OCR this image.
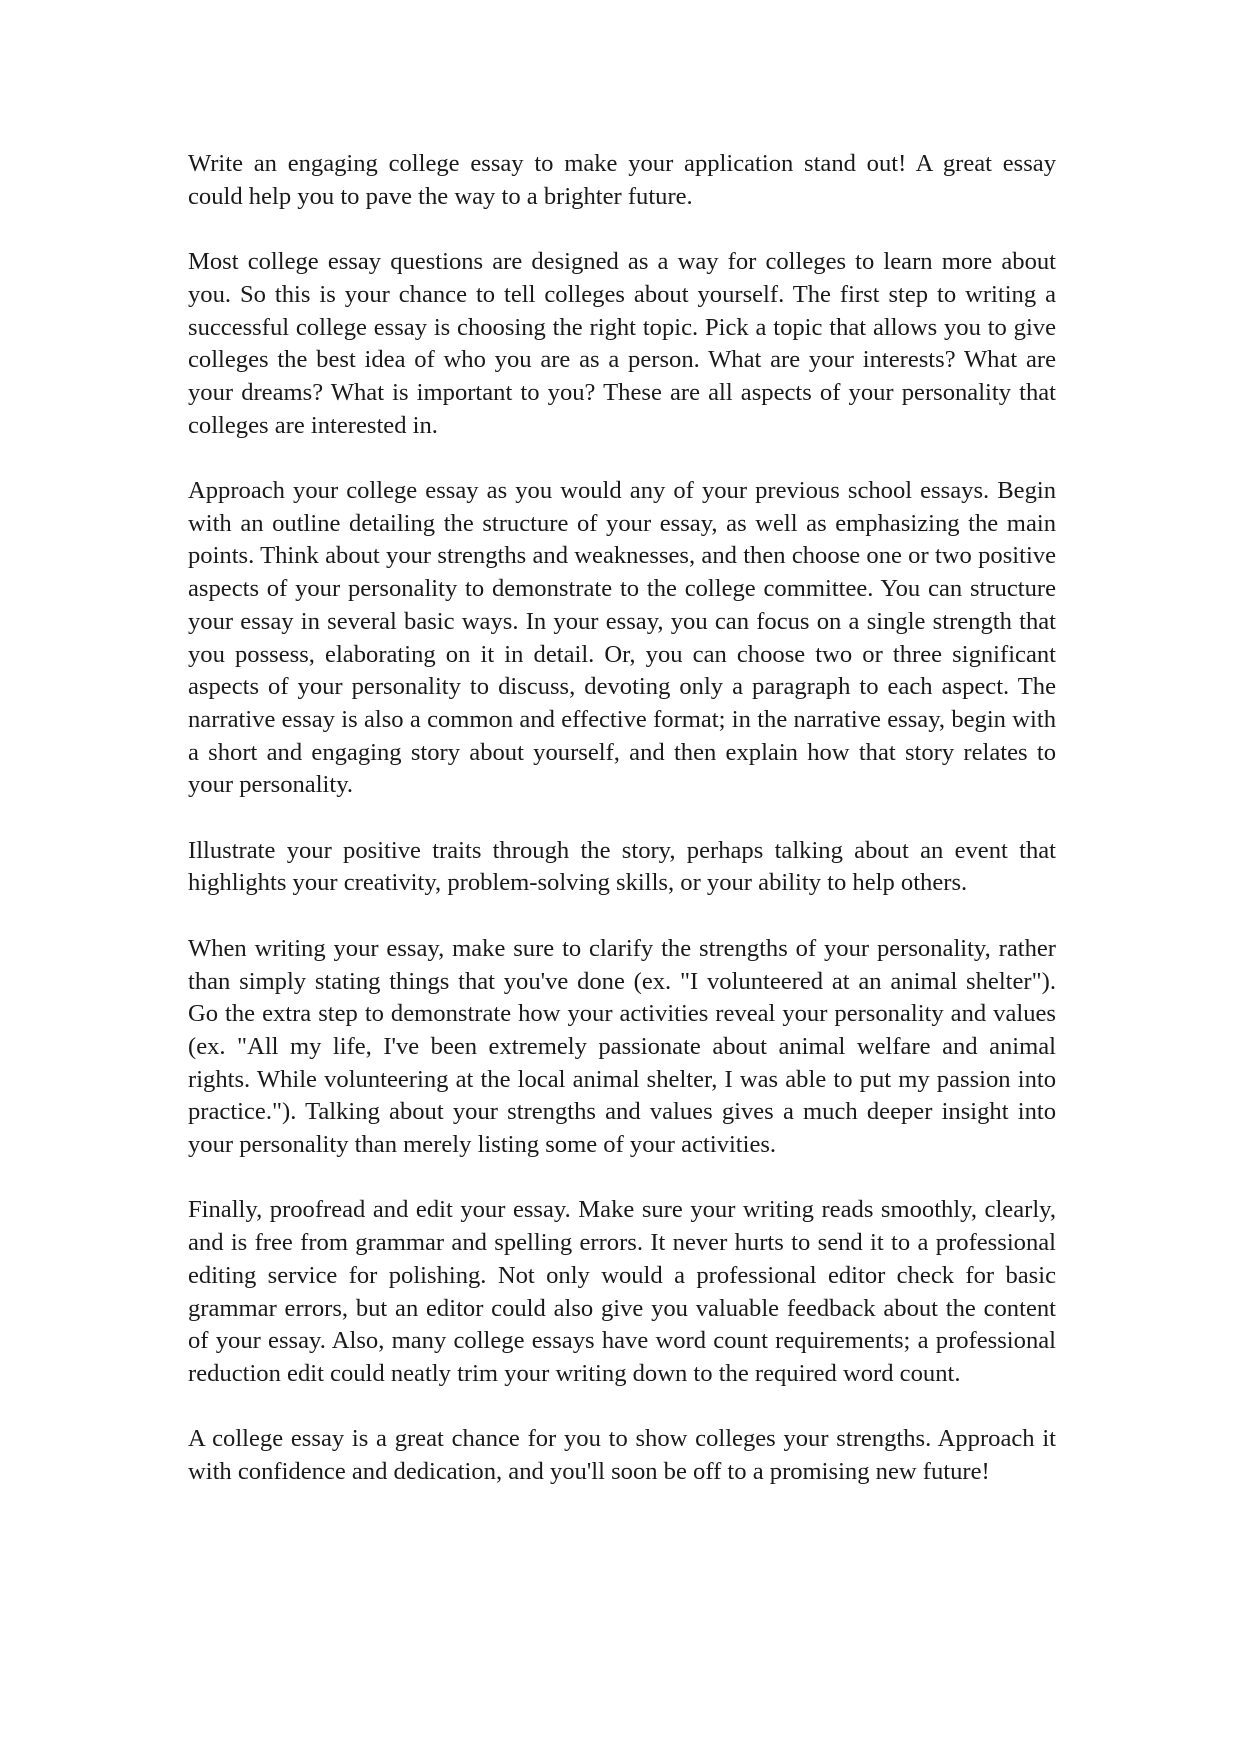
Write an engaging college essay to make your application stand out! A great essay could help you to pave the way to a brighter future.

Most college essay questions are designed as a way for colleges to learn more about you. So this is your chance to tell colleges about yourself. The first step to writing a successful college essay is choosing the right topic. Pick a topic that allows you to give colleges the best idea of who you are as a person. What are your interests? What are your dreams? What is important to you? These are all aspects of your personality that colleges are interested in.

Approach your college essay as you would any of your previous school essays. Begin with an outline detailing the structure of your essay, as well as emphasizing the main points. Think about your strengths and weaknesses, and then choose one or two positive aspects of your personality to demonstrate to the college committee. You can structure your essay in several basic ways. In your essay, you can focus on a single strength that you possess, elaborating on it in detail. Or, you can choose two or three significant aspects of your personality to discuss, devoting only a paragraph to each aspect. The narrative essay is also a common and effective format; in the narrative essay, begin with a short and engaging story about yourself, and then explain how that story relates to your personality.

Illustrate your positive traits through the story, perhaps talking about an event that highlights your creativity, problem-solving skills, or your ability to help others.

When writing your essay, make sure to clarify the strengths of your personality, rather than simply stating things that you've done (ex. "I volunteered at an animal shelter"). Go the extra step to demonstrate how your activities reveal your personality and values (ex. "All my life, I've been extremely passionate about animal welfare and animal rights. While volunteering at the local animal shelter, I was able to put my passion into practice."). Talking about your strengths and values gives a much deeper insight into your personality than merely listing some of your activities.

Finally, proofread and edit your essay. Make sure your writing reads smoothly, clearly, and is free from grammar and spelling errors. It never hurts to send it to a professional editing service for polishing. Not only would a professional editor check for basic grammar errors, but an editor could also give you valuable feedback about the content of your essay. Also, many college essays have word count requirements; a professional reduction edit could neatly trim your writing down to the required word count.

A college essay is a great chance for you to show colleges your strengths. Approach it with confidence and dedication, and you'll soon be off to a promising new future!
